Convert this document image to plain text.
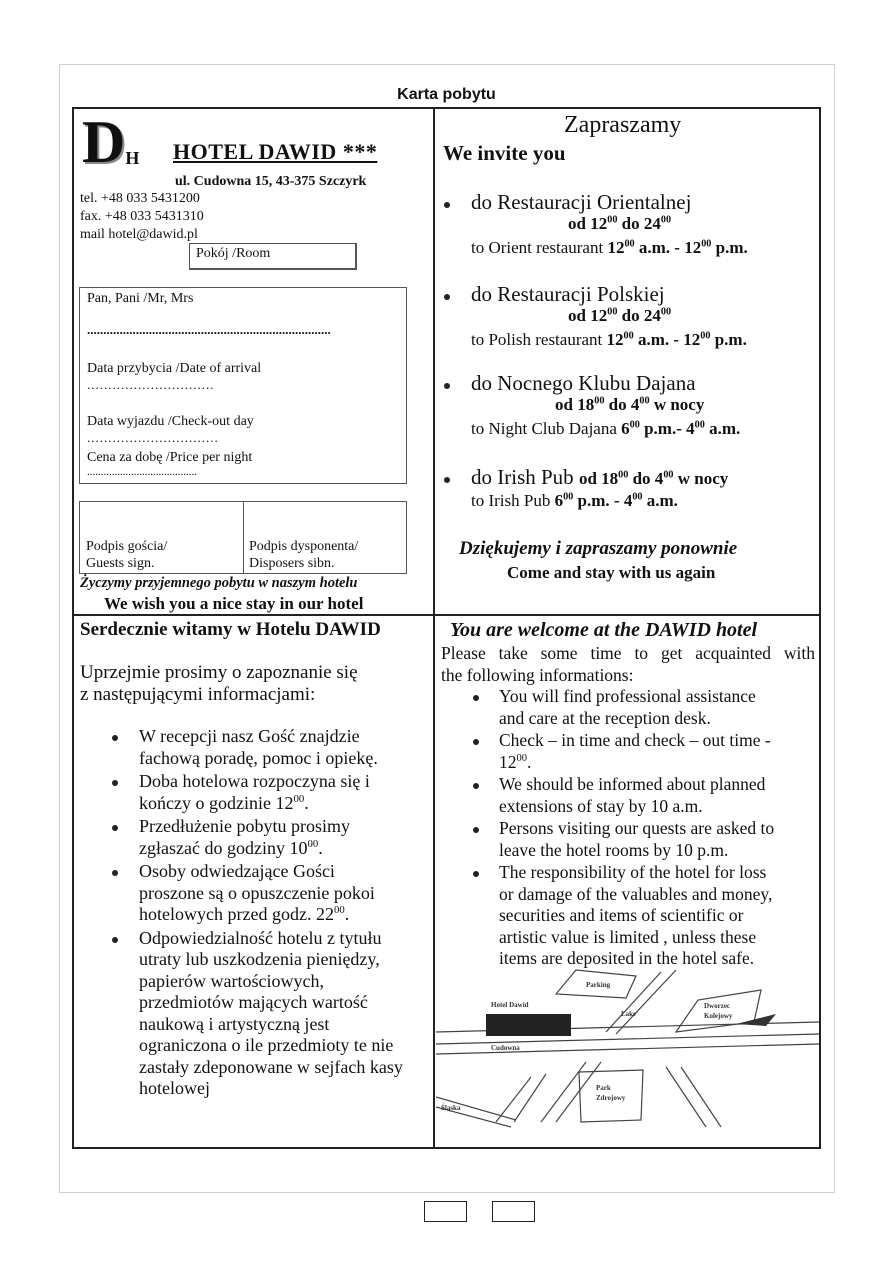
Karta pobytu
DH HOTEL DAWID ***
ul. Cudowna 15, 43-375 Szczyrk
tel. +48 033 5431200
fax. +48 033 5431310
mail hotel@dawid.pl
Pokój /Room
Pan, Pani /Mr, Mrs
...........................................................................
Data przybycia /Date of arrival
..............................
Data wyjazdu /Check-out day
...............................
Cena za dobę /Price per night
........................................
Podpis gościa/
Guests sign.
Podpis dysponenta/
Disposers sibn.
Życzymy przyjemnego pobytu w naszym hotelu
We wish you a nice stay in our hotel
Zapraszamy
We invite you
do Restauracji Orientalnej
od $12^{00}$ do $24^{00}$
to Orient restaurant $12^{00}$ a.m. - $12^{00}$ p.m.
do Restauracji Polskiej
od $12^{00}$ do $24^{00}$
to Polish restaurant $12^{00}$ a.m. - $12^{00}$ p.m.
do Nocnego Klubu Dajana
od $18^{00}$ do $4^{00}$ w nocy
to Night Club Dajana $6^{00}$ p.m.- $4^{00}$ a.m.
do Irish Pub od $18^{00}$ do $4^{00}$ w nocy
to Irish Pub $6^{00}$ p.m. - $4^{00}$ a.m.
Dziękujemy i zapraszamy ponownie
Come and stay with us again
Serdecznie witamy w Hotelu DAWID
Uprzejmie prosimy o zapoznanie się
z następującymi informacjami:
W recepcji nasz Gość znajdzie
fachową poradę, pomoc i opiekę.
Doba hotelowa rozpoczyna się i
kończy o godzinie $12^{00}$.
Przedłużenie pobytu prosimy
zgłaszać do godziny $10^{00}$.
Osoby odwiedzające Gości
proszone są o opuszczenie pokoi
hotelowych przed godz. $22^{00}$.
Odpowiedzialność hotelu z tytułu
utraty lub uszkodzenia pieniędzy,
papierów wartościowych,
przedmiotów mających wartość
naukową i artystyczną jest
ograniczona o ile przedmioty te nie
zastały zdeponowane w sejfach kasy
hotelowej
You are welcome at the DAWID hotel
Please take some time to get acquainted with
the following informations:
You will find professional assistance
and care at the reception desk.
Check – in time and check – out time -
$12^{00}$.
We should be informed about planned
extensions of stay by 10 a.m.
Persons visiting our quests are asked to
leave the hotel rooms by 10 p.m.
The responsibility of the hotel for loss
or damage of the valuables and money,
securities and items of scientific or
artistic value is limited , unless these
items are deposited in the hotel safe.
Parking
Hotel Dawid	Dworzec
Kolejowy
Cudowna
Park
Zdrojowy
Śląska
Lake
